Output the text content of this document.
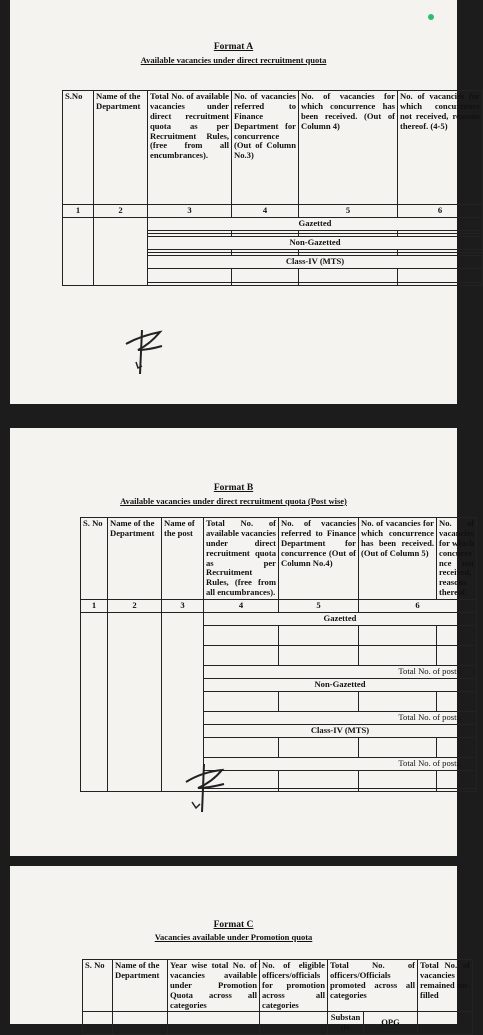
Format A
Available vacancies under direct recruitment quota
S.No	Name of the Department	Total No. of available vacancies under direct recruitment quota as per Recruitment Rules, (free from all encumbrances).	No. of vacancies referred to Finance Department for concurrence (Out of Column No.3)	No. of vacancies for which concurrence has been received. (Out of Column 4)	No. of vacancies for which concurrence not received, reasons thereof. (4-5)
1	2	3	4	5	6
		Gazetted			

		Non-Gazetted			

		Class-IV (MTS)			

Format B
Available vacancies under direct recruitment quota (Post wise)
S. No	Name of the Department	Name of the post	Total No. of available vacancies under direct recruitment quota as per Recruitment Rules, (free from all encumbrances).	No. of vacancies referred to Finance Department for concurrence (Out of Column No.4)	No. of vacancies for which concurrence has been received. (Out of Column 5)	No. of vacancies for which concurrence not received, reasons thereof.
1	2	3	4	5	6	
			Gazetted			

			Total No. of posts.			
			Non-Gazetted			

			Total No. of posts.			
			Class-IV (MTS)			

			Total No. of posts.			

Format C
Vacancies available under Promotion quota
S. No	Name of the Department	Year wise total No. of vacancies available under Promotion Quota across all categories	No. of eligible officers/officials for promotion across all categories	Total No. of officers/Officials promoted across all categories		Total No. of vacancies remained un-filled
				Substantiv	OPG	
